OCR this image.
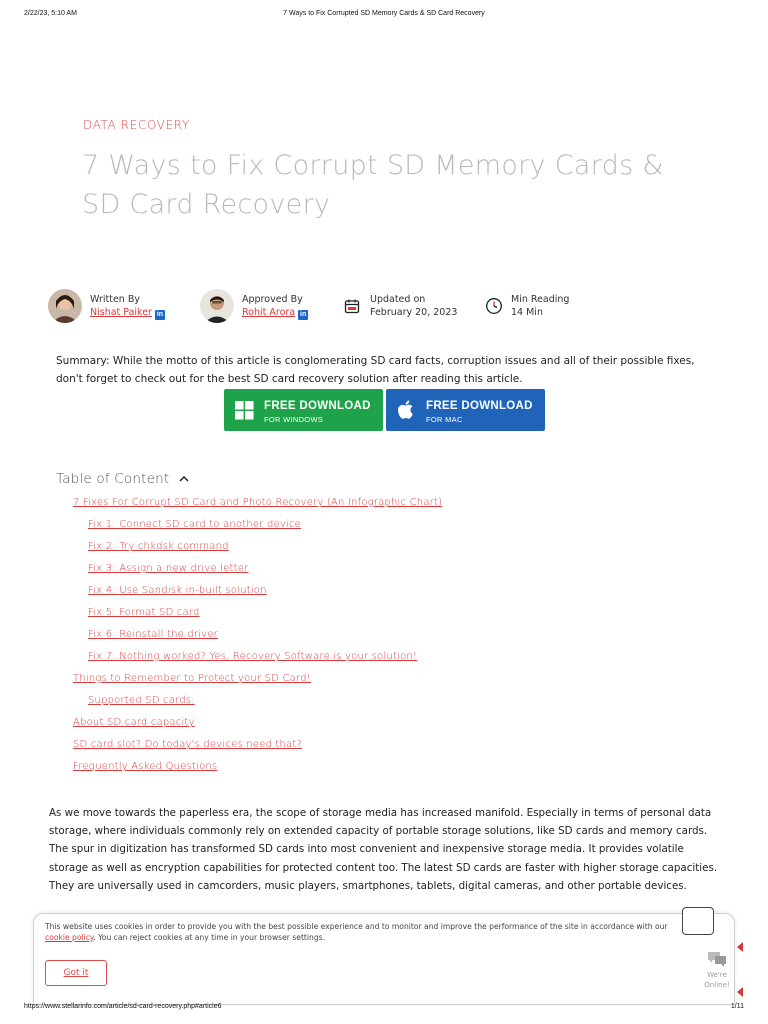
2/22/23, 5:10 AM	7 Ways to Fix Corrupted SD Memory Cards & SD Card Recovery
DATA RECOVERY
7 Ways to Fix Corrupt SD Memory Cards &
SD Card Recovery
Written By
Nishat Paiker in
Approved By
Rohit Arora in
Updated on
February 20, 2023
Min Reading
14 Min

Summary: While the motto of this article is conglomerating SD card facts, corruption issues and all of their possible fixes, don't forget to check out for the best SD card recovery solution after reading this article.

FREE DOWNLOAD
FOR WINDOWS
FREE DOWNLOAD
FOR MAC
Table of Content
7 Fixes For Corrupt SD Card and Photo Recovery (An Infographic Chart)
Fix 1: Connect SD card to another device
Fix 2: Try chkdsk command
Fix 3: Assign a new drive letter
Fix 4: Use Sandisk in-built solution
Fix 5: Format SD card
Fix 6: Reinstall the driver
Fix 7: Nothing worked? Yes, Recovery Software is your solution!
Things to Remember to Protect your SD Card!
Supported SD cards:
About SD card capacity
SD card slot? Do today's devices need that?
Frequently Asked Questions

As we move towards the paperless era, the scope of storage media has increased manifold. Especially in terms of personal data storage, where individuals commonly rely on extended capacity of portable storage solutions, like SD cards and memory cards. The spur in digitization has transformed SD cards into most convenient and inexpensive storage media. It provides volatile storage as well as encryption capabilities for protected content too. The latest SD cards are faster with higher storage capacities. They are universally used in camcorders, music players, smartphones, tablets, digital cameras, and other portable devices.

This website uses cookies in order to provide you with the best possible experience and to monitor and improve the performance of the site in accordance with our cookie policy. You can reject cookies at any time in your browser settings.
Got it	We're
Online!
https://www.stellarinfo.com/article/sd-card-recovery.php#article6	1/11
